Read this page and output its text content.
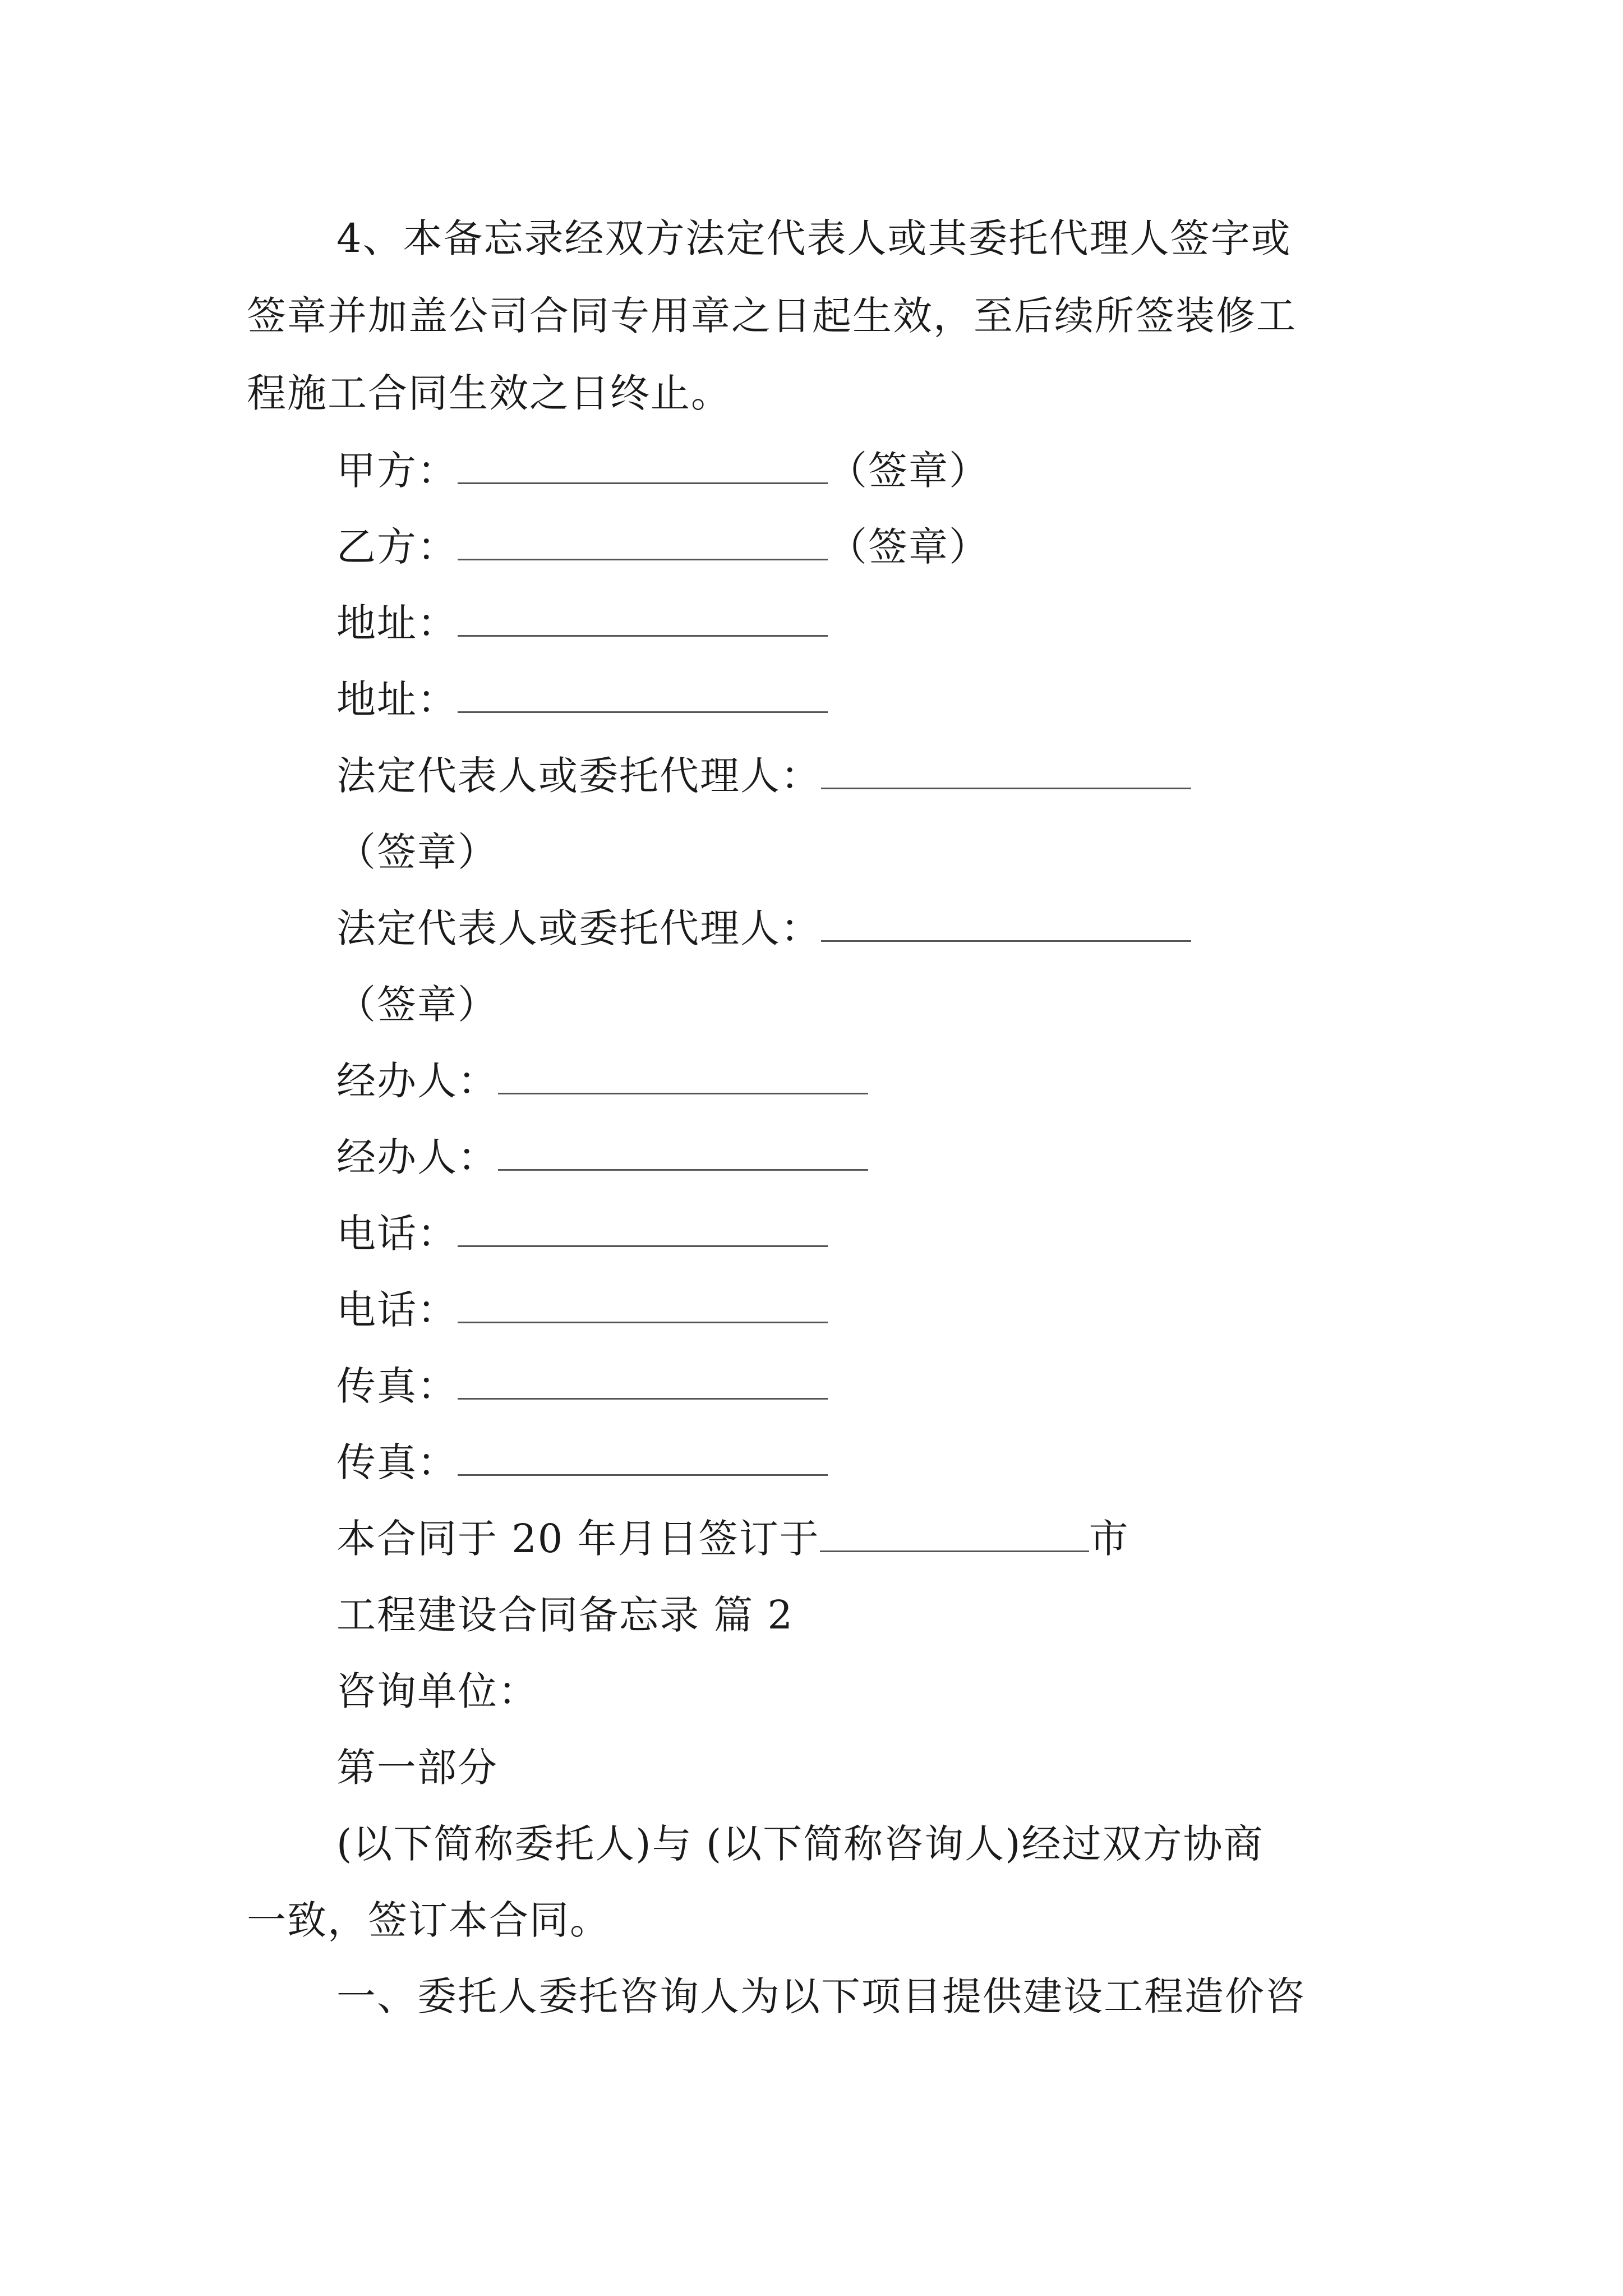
4、本备忘录经双方法定代表人或其委托代理人签字或
签章并加盖公司合同专用章之日起生效，至后续所签装修工
程施工合同生效之日终止。
甲方：	（签章）
乙方：	（签章）
地址：
地址：
法定代表人或委托代理人：
（签章）
法定代表人或委托代理人：
（签章）
经办人：
经办人：
电话：
电话：
传真：
传真：
本合同于 20 年月日签订于	市
工程建设合同备忘录 篇 2
咨询单位：
第一部分
(以下简称委托人)与 (以下简称咨询人)经过双方协商
一致，签订本合同。
一、委托人委托咨询人为以下项目提供建设工程造价咨
